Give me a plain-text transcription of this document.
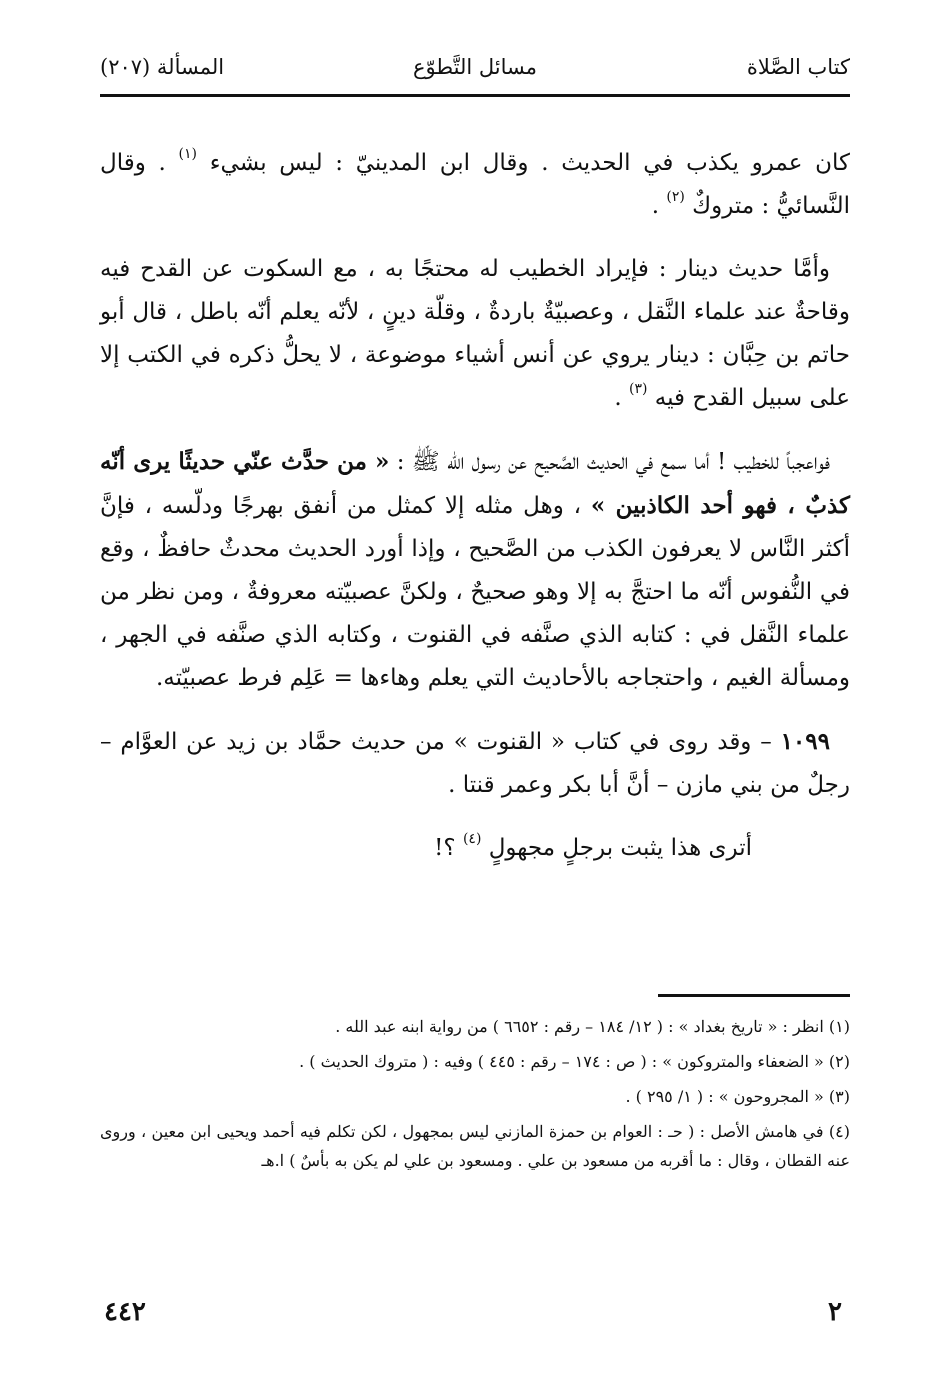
كتاب الصَّلاة
مسائل التَّطوّع
المسألة (٢٠٧)

كان عمرو يكذب في الحديث . وقال ابن المدينيّ : ليس بشيء $^{(١)}$ . وقال النَّسائيُّ : متروكٌ $^{(٢)}$ .

وأمَّا حديث دينار : فإيراد الخطيب له محتجًا به ، مع السكوت عن القدح فيه وقاحةٌ عند علماء النَّقل ، وعصبيّةٌ باردةٌ ، وقلّة دينٍ ، لأنّه يعلم أنّه باطل ، قال أبو حاتم بن حِبَّان : دينار يروي عن أنس أشياء موضوعة ، لا يحلُّ ذكره في الكتب إلا على سبيل القدح فيه $^{(٣)}$ .

فواعجباً للخطيب ! أما سمع في الحديث الصَّحيح عن رسول الله ﷺ : « من حدَّث عنّي حديثًا يرى أنّه كذبٌ ، فهو أحد الكاذبين » ، وهل مثله إلا كمثل من أنفق بهرجًا ودلّسه ، فإنَّ أكثر النَّاس لا يعرفون الكذب من الصَّحيح ، وإذا أورد الحديث محدثٌ حافظٌ ، وقع في النُّفوس أنّه ما احتجَّ به إلا وهو صحيحٌ ، ولكنَّ عصبيّته معروفةٌ ، ومن نظر من علماء النَّقل في : كتابه الذي صنَّفه في القنوت ، وكتابه الذي صنَّفه في الجهر ، ومسألة الغيم ، واحتجاجه بالأحاديث التي يعلم وهاءها = عَلِم فرط عصبيّته.

١٠٩٩ – وقد روى في كتاب « القنوت » من حديث حمَّاد بن زيد عن العوَّام – رجلٌ من بني مازن – أنَّ أبا بكر وعمر قنتا .

أترى هذا يثبت برجلٍ مجهولٍ $^{(٤)}$ ؟!

(١) انظر : « تاريخ بغداد » : ( ١٢/ ١٨٤ – رقم : ٦٦٥٢ ) من رواية ابنه عبد الله .

(٢) « الضعفاء والمتروكون » : ( ص : ١٧٤ – رقم : ٤٤٥ ) وفيه : ( متروك الحديث ) .

(٣) « المجروحون » : ( ١/ ٢٩٥ ) .

(٤) في هامش الأصل : ( حـ : العوام بن حمزة المازني ليس بمجهول ، لكن تكلم فيه أحمد ويحيى ابن معين ، وروى عنه القطان ، وقال : ما أقربه من مسعود بن علي . ومسعود بن علي لم يكن به بأسٌ ) ا.هـ

٢
٤٤٢
